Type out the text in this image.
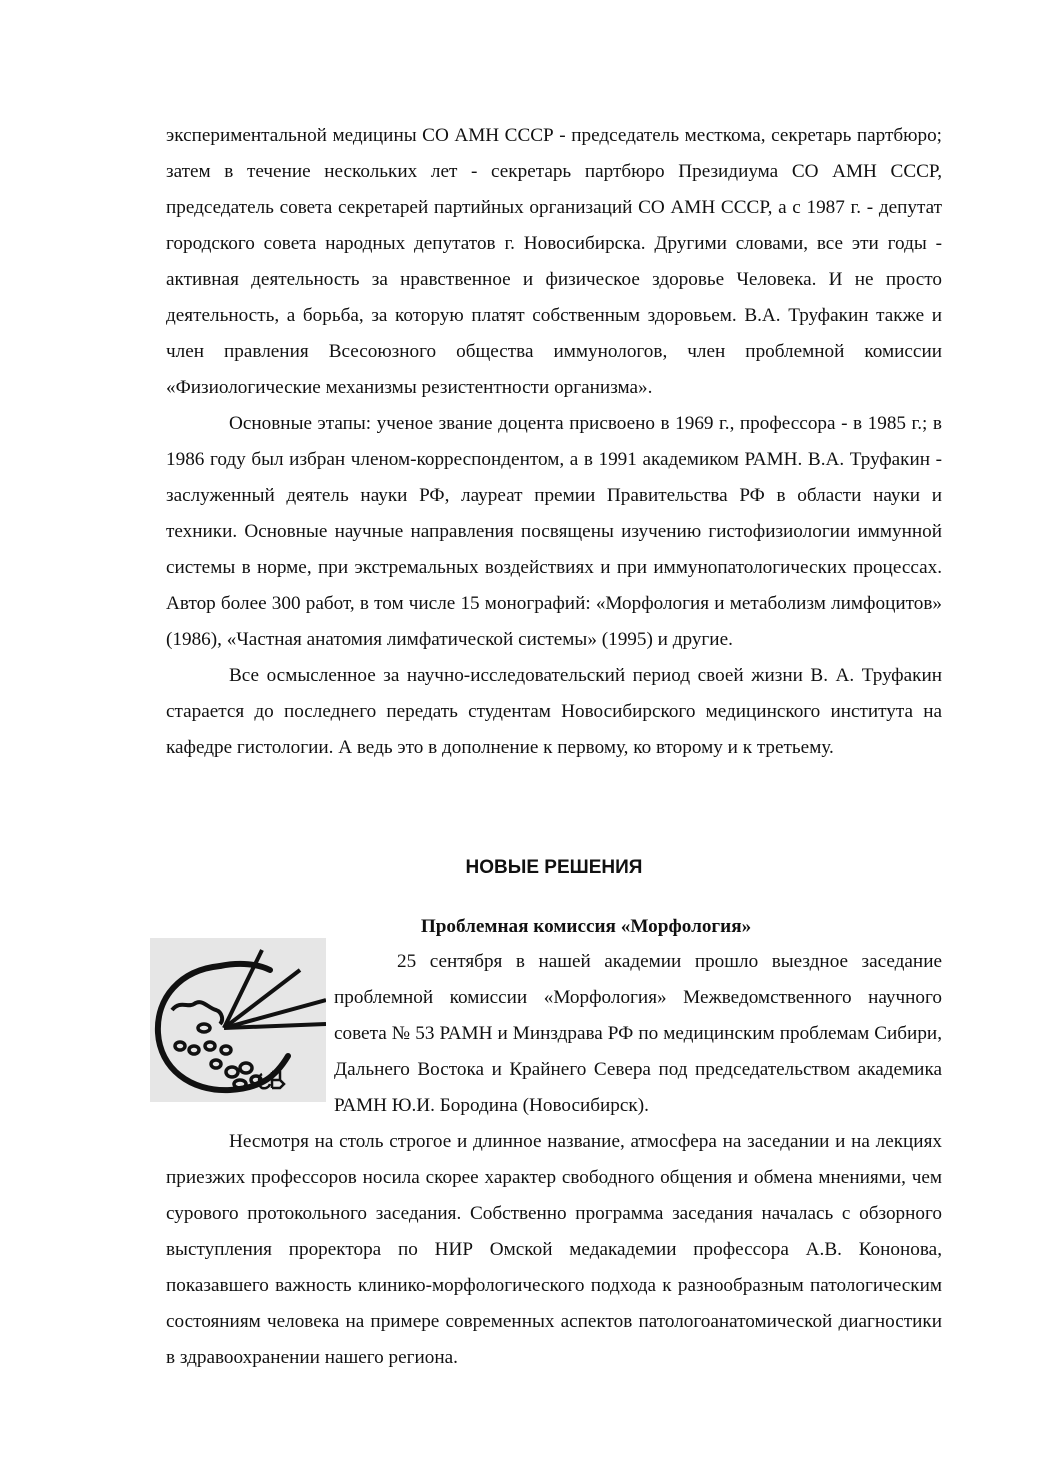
экспериментальной медицины СО АМН СССР - председатель месткома, секретарь партбюро; затем в течение нескольких лет - секретарь партбюро Президиума СО АМН СССР, председатель совета секретарей партийных организаций СО АМН СССР, а с 1987 г. - депутат городского совета народных депутатов г. Новосибирска. Другими словами, все эти годы - активная деятельность за нравственное и физическое здоровье Человека. И не просто деятельность, а борьба, за которую платят собственным здоровьем. В.А. Труфакин также и член правления Всесоюзного общества иммунологов, член проблемной комиссии «Физиологические механизмы резистентности организма».

Основные этапы: ученое звание доцента присвоено в 1969 г., профессора - в 1985 г.; в 1986 году был избран членом-корреспондентом, а в 1991 академиком РАМН. В.А. Труфакин - заслуженный деятель науки РФ, лауреат премии Правительства РФ в области науки и техники. Основные научные направления посвящены изучению гистофизиологии иммунной системы в норме, при экстремальных воздействиях и при иммунопатологических процессах. Автор более 300 работ, в том числе 15 монографий: «Морфология и метаболизм лимфоцитов» (1986), «Частная анатомия лимфатической системы» (1995) и другие.

Все осмысленное за научно-исследовательский период своей жизни В. А. Труфакин старается до последнего передать студентам Новосибирского медицинского института на кафедре гистологии. А ведь это в дополнение к первому, ко второму и к третьему.

НОВЫЕ РЕШЕНИЯ

Проблемная комиссия «Морфология»

25 сентября в нашей академии прошло выездное заседание проблемной комиссии «Морфология» Межведомственного научного совета № 53 РАМН и Минздрава РФ по медицинским проблемам Сибири, Дальнего Востока и Крайнего Севера под председательством академика РАМН Ю.И. Бородина (Новосибирск).

Несмотря на столь строгое и длинное название, атмосфера на заседании и на лекциях приезжих профессоров носила скорее характер свободного общения и обмена мнениями, чем сурового протокольного заседания. Собственно программа заседания началась с обзорного выступления проректора по НИР Омской медакадемии профессора А.В. Кононова, показавшего важность клинико-морфологического подхода к разнообразным патологическим состояниям человека на примере современных аспектов патологоанатомической диагностики в здравоохранении нашего региона.
